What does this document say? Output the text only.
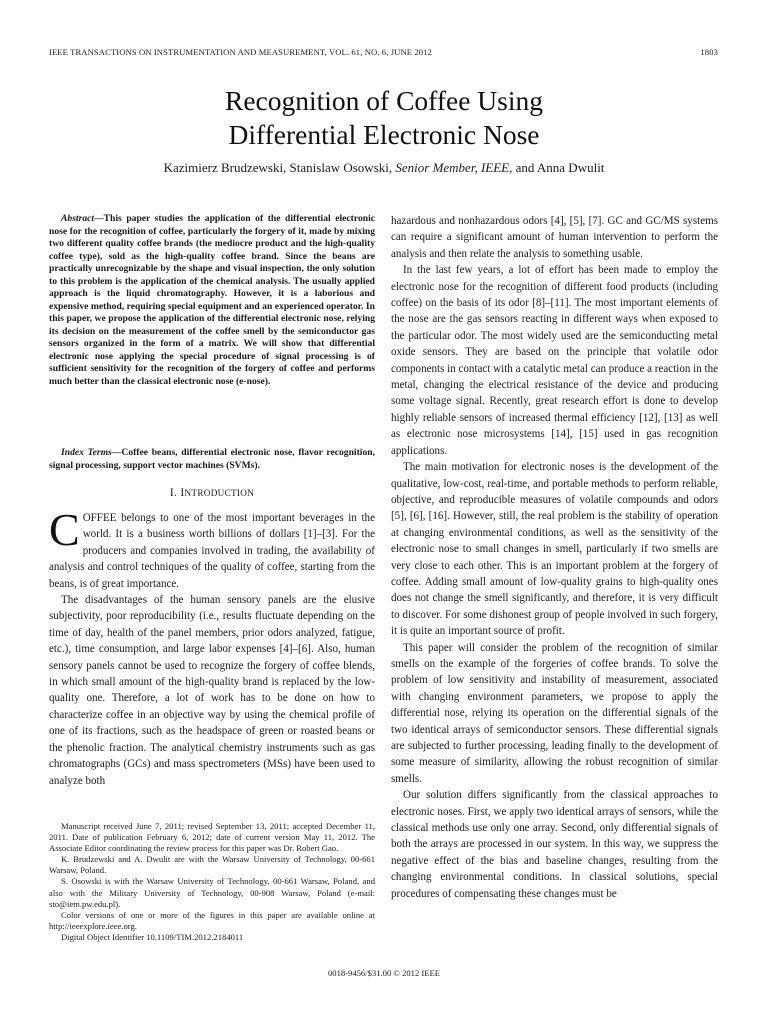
IEEE TRANSACTIONS ON INSTRUMENTATION AND MEASUREMENT, VOL. 61, NO. 6, JUNE 2012	1803
Recognition of Coffee Using
Differential Electronic Nose
Kazimierz Brudzewski, Stanislaw Osowski, Senior Member, IEEE, and Anna Dwulit

Abstract—This paper studies the application of the differential electronic nose for the recognition of coffee, particularly the forgery of it, made by mixing two different quality coffee brands (the mediocre product and the high-quality coffee type), sold as the high-quality coffee brand. Since the beans are practically unrecognizable by the shape and visual inspection, the only solution to this problem is the application of the chemical analysis. The usually applied approach is the liquid chromatography. However, it is a laborious and expensive method, requiring special equipment and an experienced operator. In this paper, we propose the application of the differential electronic nose, relying its decision on the measurement of the coffee smell by the semiconductor gas sensors organized in the form of a matrix. We will show that differential electronic nose applying the special procedure of signal processing is of sufficient sensitivity for the recognition of the forgery of coffee and performs much better than the classical electronic nose (e-nose).

Index Terms—Coffee beans, differential electronic nose, flavor recognition, signal processing, support vector machines (SVMs).

I. INTRODUCTION

COFFEE belongs to one of the most important beverages in the world. It is a business worth billions of dollars [1]–[3]. For the producers and companies involved in trading, the availability of analysis and control techniques of the quality of coffee, starting from the beans, is of great importance.

The disadvantages of the human sensory panels are the elusive subjectivity, poor reproducibility (i.e., results fluctuate depending on the time of day, health of the panel members, prior odors analyzed, fatigue, etc.), time consumption, and large labor expenses [4]–[6]. Also, human sensory panels cannot be used to recognize the forgery of coffee blends, in which small amount of the high-quality brand is replaced by the low-quality one. Therefore, a lot of work has to be done on how to characterize coffee in an objective way by using the chemical profile of one of its fractions, such as the headspace of green or roasted beans or the phenolic fraction. The analytical chemistry instruments such as gas chromatographs (GCs) and mass spectrometers (MSs) have been used to analyze both

Manuscript received June 7, 2011; revised September 13, 2011; accepted December 11, 2011. Date of publication February 6, 2012; date of current version May 11, 2012. The Associate Editor coordinating the review process for this paper was Dr. Robert Gao.

K. Brudzewski and A. Dwulit are with the Warsaw University of Technology, 00-661 Warsaw, Poland.

S. Osowski is with the Warsaw University of Technology, 00-661 Warsaw, Poland, and also with the Military University of Technology, 00-908 Warsaw, Poland (e-mail: sto@iem.pw.edu.pl).

Color versions of one or more of the figures in this paper are available online at http://ieeexplore.ieee.org.

Digital Object Identifier 10.1109/TIM.2012.2184011

hazardous and nonhazardous odors [4], [5], [7]. GC and GC/MS systems can require a significant amount of human intervention to perform the analysis and then relate the analysis to something usable.

In the last few years, a lot of effort has been made to employ the electronic nose for the recognition of different food products (including coffee) on the basis of its odor [8]–[11]. The most important elements of the nose are the gas sensors reacting in different ways when exposed to the particular odor. The most widely used are the semiconducting metal oxide sensors. They are based on the principle that volatile odor components in contact with a catalytic metal can produce a reaction in the metal, changing the electrical resistance of the device and producing some voltage signal. Recently, great research effort is done to develop highly reliable sensors of increased thermal efficiency [12], [13] as well as electronic nose microsystems [14], [15] used in gas recognition applications.

The main motivation for electronic noses is the development of the qualitative, low-cost, real-time, and portable methods to perform reliable, objective, and reproducible measures of volatile compounds and odors [5], [6], [16]. However, still, the real problem is the stability of operation at changing environmental conditions, as well as the sensitivity of the electronic nose to small changes in smell, particularly if two smells are very close to each other. This is an important problem at the forgery of coffee. Adding small amount of low-quality grains to high-quality ones does not change the smell significantly, and therefore, it is very difficult to discover. For some dishonest group of people involved in such forgery, it is quite an important source of profit.

This paper will consider the problem of the recognition of similar smells on the example of the forgeries of coffee brands. To solve the problem of low sensitivity and instability of measurement, associated with changing environment parameters, we propose to apply the differential nose, relying its operation on the differential signals of the two identical arrays of semiconductor sensors. These differential signals are subjected to further processing, leading finally to the development of some measure of similarity, allowing the robust recognition of similar smells.

Our solution differs significantly from the classical approaches to electronic noses. First, we apply two identical arrays of sensors, while the classical methods use only one array. Second, only differential signals of both the arrays are processed in our system. In this way, we suppress the negative effect of the bias and baseline changes, resulting from the changing environmental conditions. In classical solutions, special procedures of compensating these changes must be

0018-9456/$31.00 © 2012 IEEE
